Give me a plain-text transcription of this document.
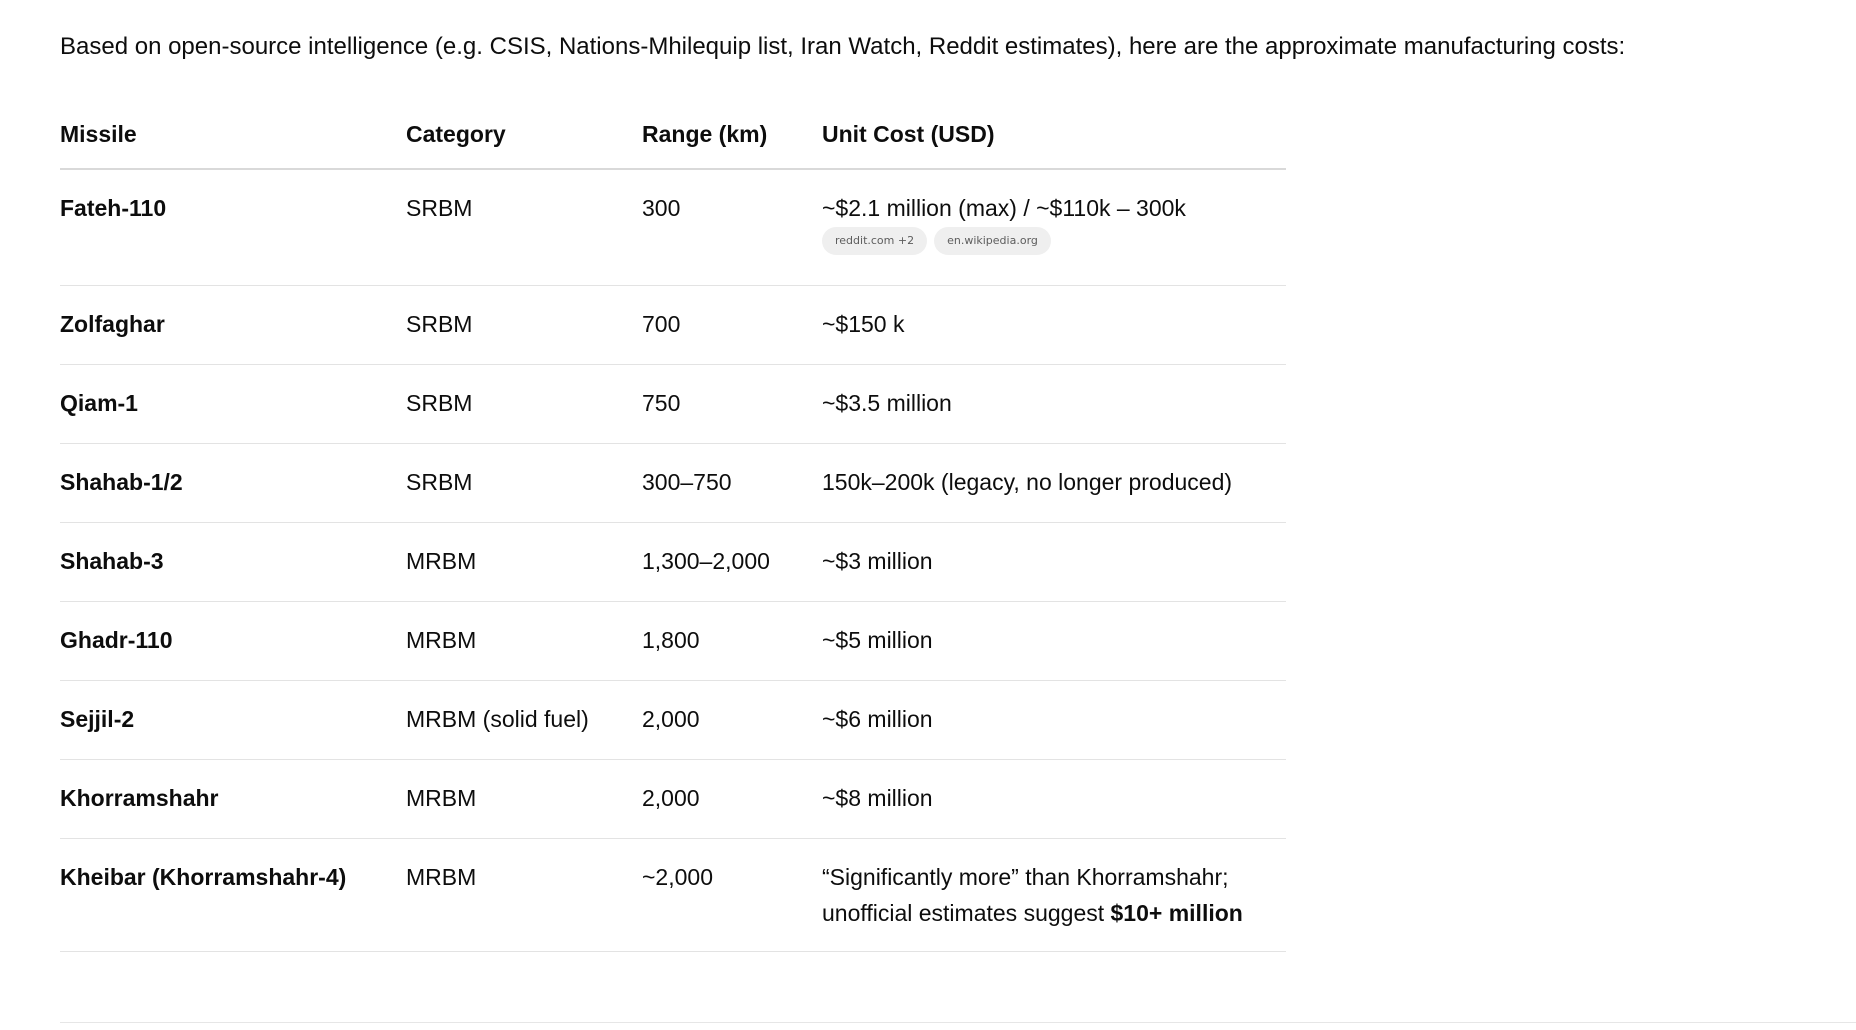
Based on open-source intelligence (e.g. CSIS, Nations-Mhilequip list, Iran Watch, Reddit estimates), here are the approximate manufacturing costs:

Missile	Category	Range (km)	Unit Cost (USD)

Fateh-110	SRBM	300	~$2.1 million (max) / ~$110k – 300k
reddit.com +2 en.wikipedia.org

Zolfaghar	SRBM	700	~$150 k

Qiam-1	SRBM	750	~$3.5 million

Shahab-1/2	SRBM	300–750	150k–200k (legacy, no longer produced)

Shahab-3	MRBM	1,300–2,000	~$3 million

Ghadr-110	MRBM	1,800	~$5 million

Sejjil-2	MRBM (solid fuel)	2,000	~$6 million

Khorramshahr	MRBM	2,000	~$8 million

Kheibar (Khorramshahr-4)	MRBM	~2,000	“Significantly more” than Khorramshahr;
unofficial estimates suggest $10+ million
